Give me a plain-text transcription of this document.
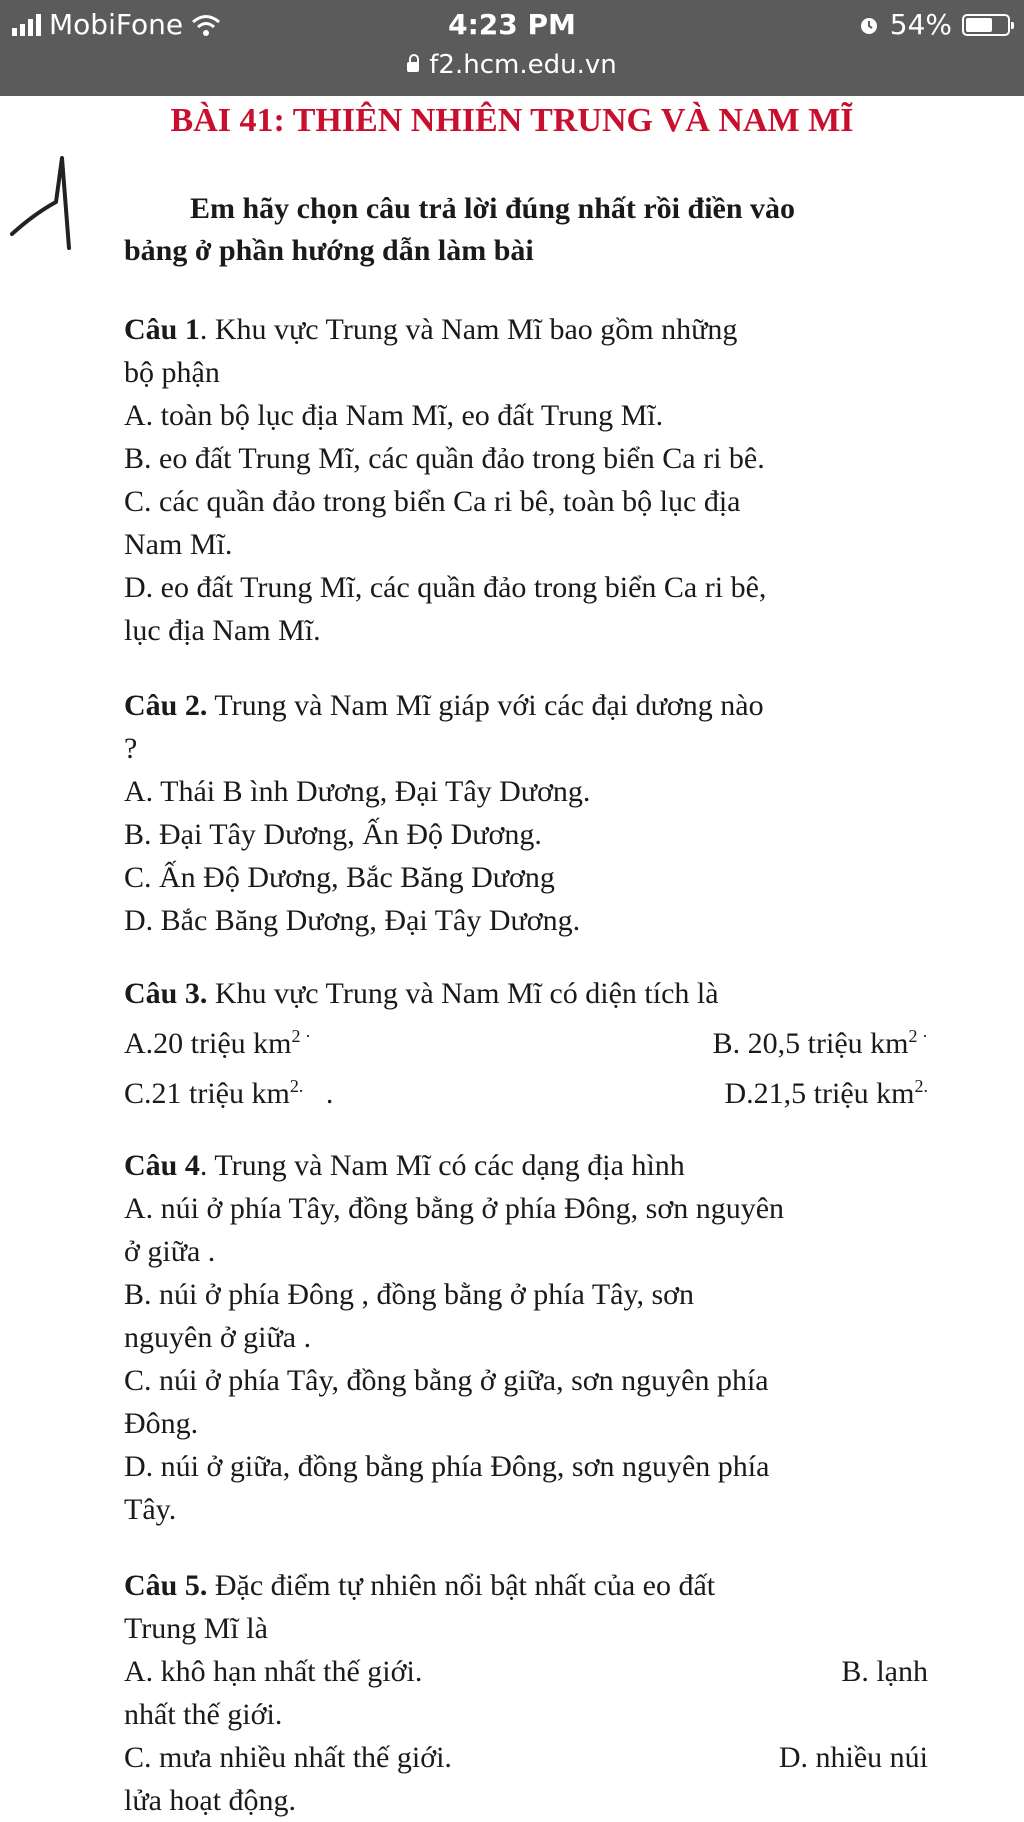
MobiFone	4:23 PM	54%
f2.hcm.edu.vn
BÀI 41: THIÊN NHIÊN TRUNG VÀ NAM MĨ
Em hãy chọn câu trả lời đúng nhất rồi điền vào
bảng ở phần hướng dẫn làm bài

Câu 1. Khu vực Trung và Nam Mĩ bao gồm những

bộ phận

A. toàn bộ lục địa Nam Mĩ, eo đất Trung Mĩ.

B. eo đất Trung Mĩ, các quần đảo trong biển Ca ri bê.

C. các quần đảo trong biển Ca ri bê, toàn bộ lục địa

Nam Mĩ.

D. eo đất Trung Mĩ, các quần đảo trong biển Ca ri bê,

lục địa Nam Mĩ.

Câu 2. Trung và Nam Mĩ giáp với các đại dương nào

?

A. Thái B ình Dương, Đại Tây Dương.

B. Đại Tây Dương, Ấn Độ Dương.

C. Ấn Độ Dương, Bắc Băng Dương

D. Bắc Băng Dương, Đại Tây Dương.

Câu 3. Khu vực Trung và Nam Mĩ có diện tích là

A.20 triệu $km^{2 \cdot}$	B. 20,5 triệu $km^{2 \cdot}$
C.21 triệu $km^{2.}$   .	D.21,5 triệu $km^{2.}$

Câu 4. Trung và Nam Mĩ có các dạng địa hình

A. núi ở phía Tây, đồng bằng ở phía Đông, sơn nguyên

ở giữa .

B. núi ở phía Đông , đồng bằng ở phía Tây, sơn

nguyên ở giữa .

C. núi ở phía Tây, đồng bằng ở giữa, sơn nguyên phía

Đông.

D. núi ở giữa, đồng bằng phía Đông, sơn nguyên phía

Tây.

Câu 5. Đặc điểm tự nhiên nổi bật nhất của eo đất

Trung Mĩ là

A. khô hạn nhất thế giới.	B. lạnh

nhất thế giới.

C. mưa nhiều nhất thế giới.	D. nhiều núi

lửa hoạt động.
